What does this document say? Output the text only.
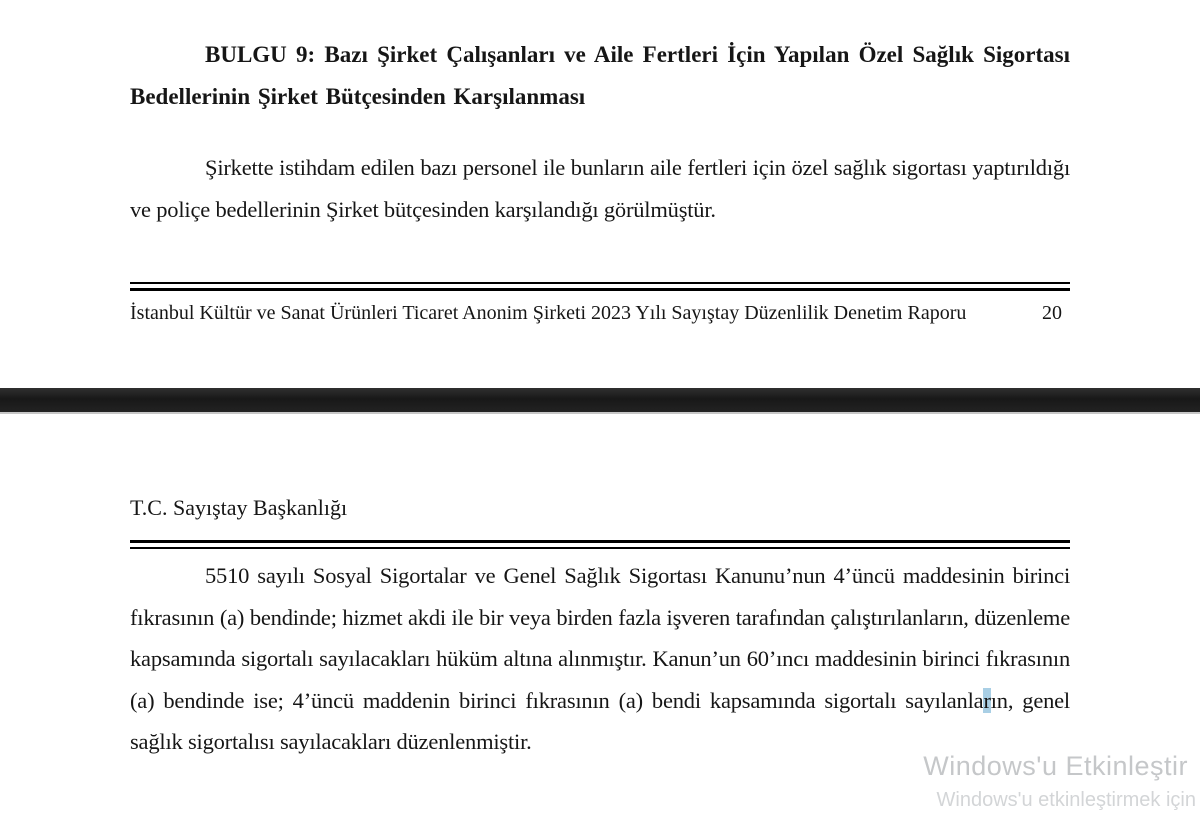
BULGU 9: Bazı Şirket Çalışanları ve Aile Fertleri İçin Yapılan Özel Sağlık Sigortası Bedellerinin Şirket Bütçesinden Karşılanması

Şirkette istihdam edilen bazı personel ile bunların aile fertleri için özel sağlık sigortası yaptırıldığı ve poliçe bedellerinin Şirket bütçesinden karşılandığı görülmüştür.

İstanbul Kültür ve Sanat Ürünleri Ticaret Anonim Şirketi 2023 Yılı Sayıştay Düzenlilik Denetim Raporu	20

T.C. Sayıştay Başkanlığı

5510 sayılı Sosyal Sigortalar ve Genel Sağlık Sigortası Kanunu’nun 4’üncü maddesinin birinci fıkrasının (a) bendinde; hizmet akdi ile bir veya birden fazla işveren tarafından çalıştırılanların, düzenleme kapsamında sigortalı sayılacakları hüküm altına alınmıştır. Kanun’un 60’ıncı maddesinin birinci fıkrasının (a) bendinde ise; 4’üncü maddenin birinci fıkrasının (a) bendi kapsamında sigortalı sayılanların, genel sağlık sigortalısı sayılacakları düzenlenmiştir.

Windows'u Etkinleştir

Windows'u etkinleştirmek için
